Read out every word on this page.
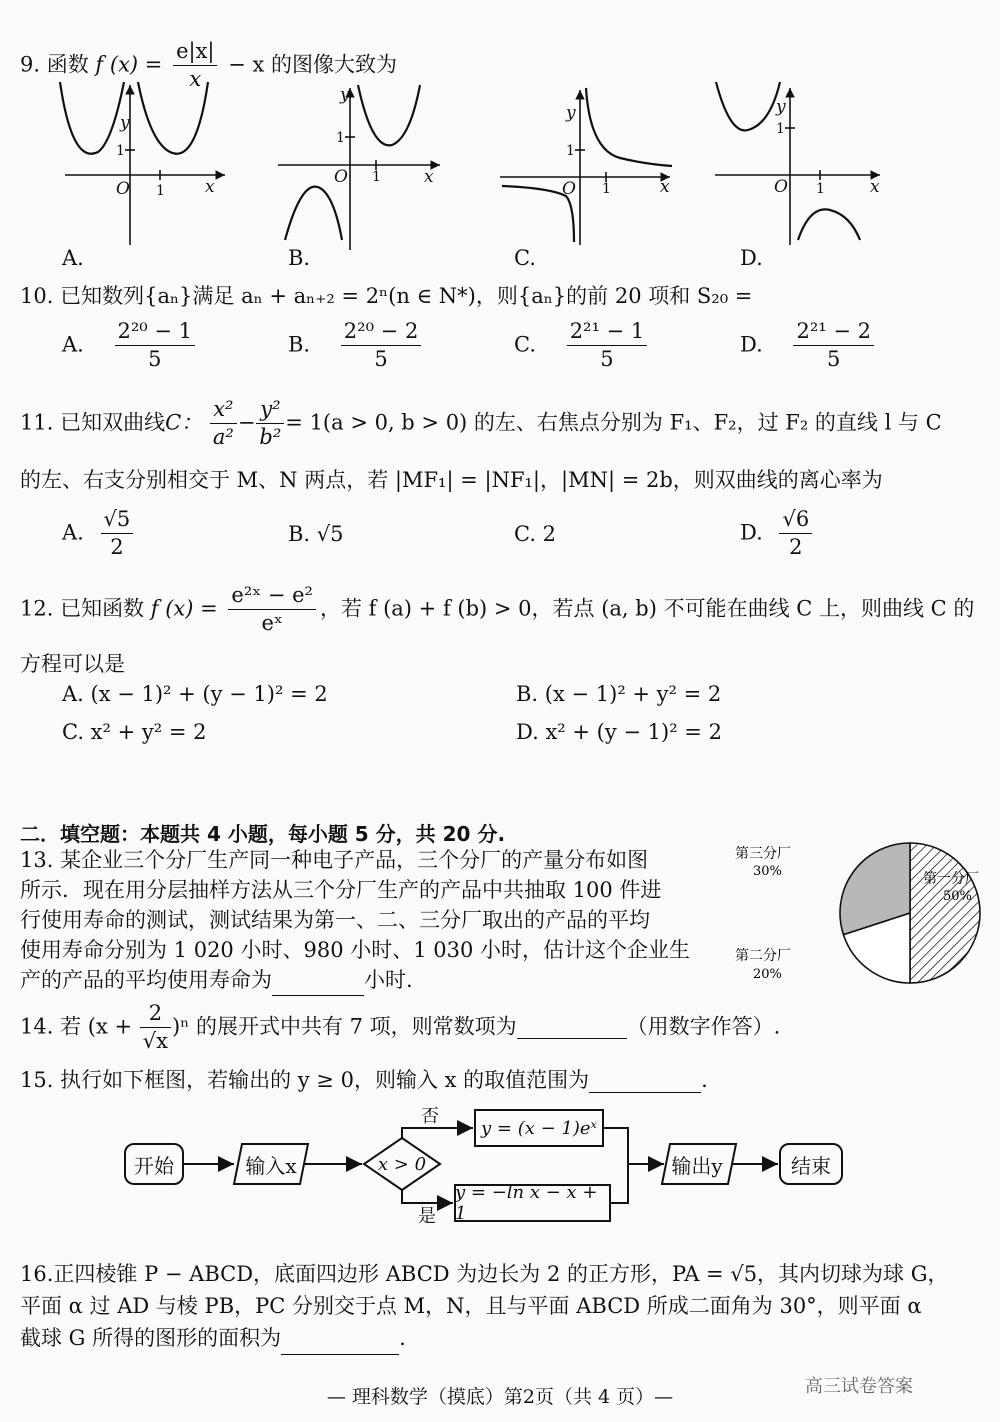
9. 函数 f $(x) = \frac{e|x|}{x} - x$ 的图像大致为
y
x
O
y
x
O
y
x
O
y
x
O
1
1
1
1
1
1
1
1
A.	B.	C.	D.
10. 已知数列{aₙ}满足 aₙ + aₙ₊₂ = 2ⁿ(n ∈ N*)，则{aₙ}的前 20 项和 S₂₀ =
A. $\frac{\text{2²⁰ − 1}}{5}$	B. $\frac{\text{2²⁰ − 2}}{5}$	C. $\frac{\text{2²¹ − 1}}{5}$	D. $\frac{\text{2²¹ − 2}}{5}$
11. 已知双曲线C： $\frac{\text{x²}}{\text{a²}} - \frac{\text{y²}}{\text{b²}} = 1(a > 0$, b > 0) 的左、右焦点分别为 F₁、F₂，过 F₂ 的直线 l 与 C
的左、右支分别相交于 M、N 两点，若 |MF₁| = |NF₁|，|MN| = 2b，则双曲线的离心率为
A. $\frac{√5}{2}$	B. √5	C. 2	D. $\frac{√6}{2}$
12. 已知函数 f $(x) = \frac{\text{e²ˣ − e²}}{\text{eˣ}}$ ，若 f (a) + f (b) > 0，若点 (a, b) 不可能在曲线 C 上，则曲线 C 的
方程可以是
A. (x − 1)² + (y − 1)² = 2	B. (x − 1)² + y² = 2
C. x² + y² = 2	D. x² + (y − 1)² = 2
二．填空题：本题共 4 小题，每小题 5 分，共 20 分.
13. 某企业三个分厂生产同一种电子产品，三个分厂的产量分布如图
所示．现在用分层抽样方法从三个分厂生产的产品中共抽取 100 件进
行使用寿命的测试，测试结果为第一、二、三分厂取出的产品的平均
使用寿命分别为 1 020 小时、980 小时、1 030 小时，估计这个企业生
产的产品的平均使用寿命为	小时.
第三分厂
30%	第一分厂
50%
第二分厂
20%
14. 若 $(x + \frac{2}{√x} )^n$ 的展开式中共有 7 项，则常数项为	（用数字作答）.
15. 执行如下框图，若输出的 y ≥ 0，则输入 x 的取值范围为	.
开始	输入x	x > 0
否
是
y = (x − 1)eˣ
y = −ln x − x + 1
输出y	结束
16.正四棱锥 P − ABCD，底面四边形 ABCD 为边长为 2 的正方形，PA = √5，其内切球为球 G，
平面 α 过 AD 与棱 PB，PC 分别交于点 M，N，且与平面 ABCD 所成二面角为 30°，则平面 α
截球 G 所得的图形的面积为	.
— 理科数学（摸底）第2页（共 4 页）—	高三试卷答案
